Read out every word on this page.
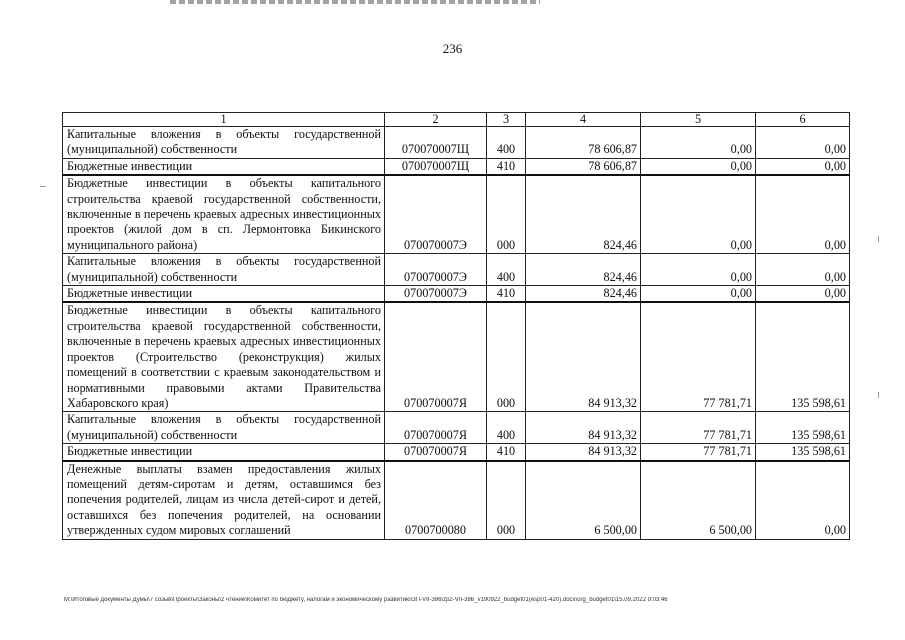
236
1	2	3	4	5	6
Капитальные вложения в объекты государственной (муниципальной) собственности	070070007Щ	400	78 606,87	0,00	0,00
Бюджетные инвестиции	070070007Щ	410	78 606,87	0,00	0,00
Бюджетные инвестиции в объекты капитального строительства краевой государственной собственности, включенные в перечень краевых адресных инвестиционных проектов (жилой дом в сп. Лермонтовка Бикинского муниципального района)	070070007Э	000	824,46	0,00	0,00
Капитальные вложения в объекты государственной (муниципальной) собственности	070070007Э	400	824,46	0,00	0,00
Бюджетные инвестиции	070070007Э	410	824,46	0,00	0,00
Бюджетные инвестиции в объекты капитального строительства краевой государственной собственности, включенные в перечень краевых адресных инвестиционных проектов (Строительство (реконструкция) жилых помещений в соответствии с краевым законодательством и нормативными правовыми актами Правительства Хабаровского края)	070070007Я	000	84 913,32	77 781,71	135 598,61
Капитальные вложения в объекты государственной (муниципальной) собственности	070070007Я	400	84 913,32	77 781,71	135 598,61
Бюджетные инвестиции	070070007Я	410	84 913,32	77 781,71	135 598,61
Денежные выплаты взамен предоставления жилых помещений детям-сиротам и детям, оставшимся без попечения родителей, лицам из числа детей-сирот и детей, оставшихся без попечения родителей, на основании утвержденных судом мировых соглашений	0700700080	000	6 500,00	6 500,00	0,00
M:\Итоговые документы Думы\7 созыв\Проекты\Законы\2 чтение\Комитет по бюджету, налогам и экономическому развитию\ЗП-VII-386\zp2-VII-386_v190922_budget01(esp01-420).docx\org_budget01\15.09.2022 9:03:46
